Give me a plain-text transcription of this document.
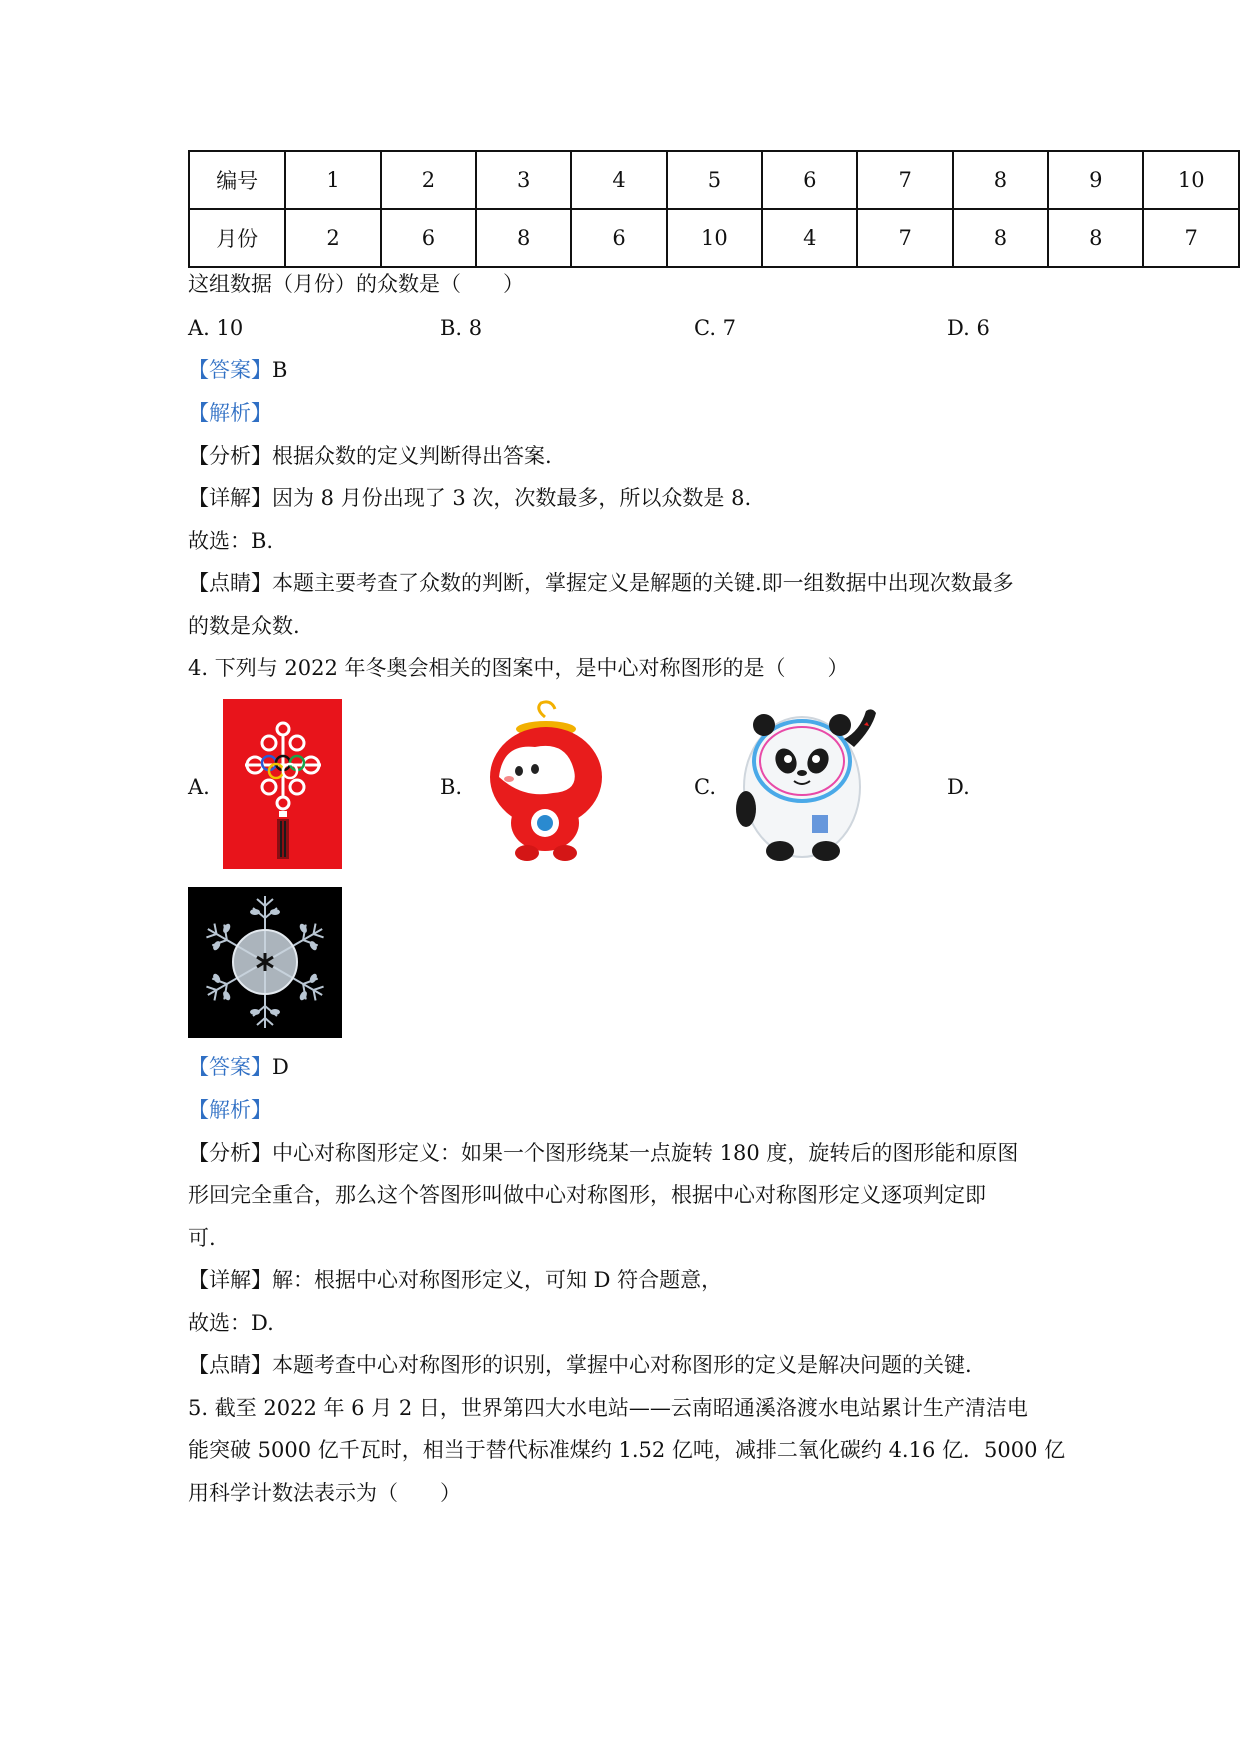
编号	1	2	3	4	5	6	7	8	9	10
月份	2	6	8	6	10	4	7	8	8	7
这组数据（月份）的众数是（　　）
A. 10	B. 8	C. 7	D. 6
【答案】B
【解析】
【分析】根据众数的定义判断得出答案.
【详解】因为 8 月份出现了 3 次，次数最多，所以众数是 8.
故选：B.
【点睛】本题主要考查了众数的判断，掌握定义是解题的关键.即一组数据中出现次数最多
的数是众数.
4. 下列与 2022 年冬奥会相关的图案中，是中心对称图形的是（　　）
A.	B.	C.	D.
【答案】D
【解析】
【分析】中心对称图形定义：如果一个图形绕某一点旋转 180 度，旋转后的图形能和原图
形回完全重合，那么这个答图形叫做中心对称图形，根据中心对称图形定义逐项判定即
可.
【详解】解：根据中心对称图形定义，可知 D 符合题意，
故选：D.
【点睛】本题考查中心对称图形的识别，掌握中心对称图形的定义是解决问题的关键.
5. 截至 2022 年 6 月 2 日，世界第四大水电站——云南昭通溪洛渡水电站累计生产清洁电
能突破 5000 亿千瓦时，相当于替代标准煤约 1.52 亿吨，减排二氧化碳约 4.16 亿．5000 亿
用科学计数法表示为（　　）
